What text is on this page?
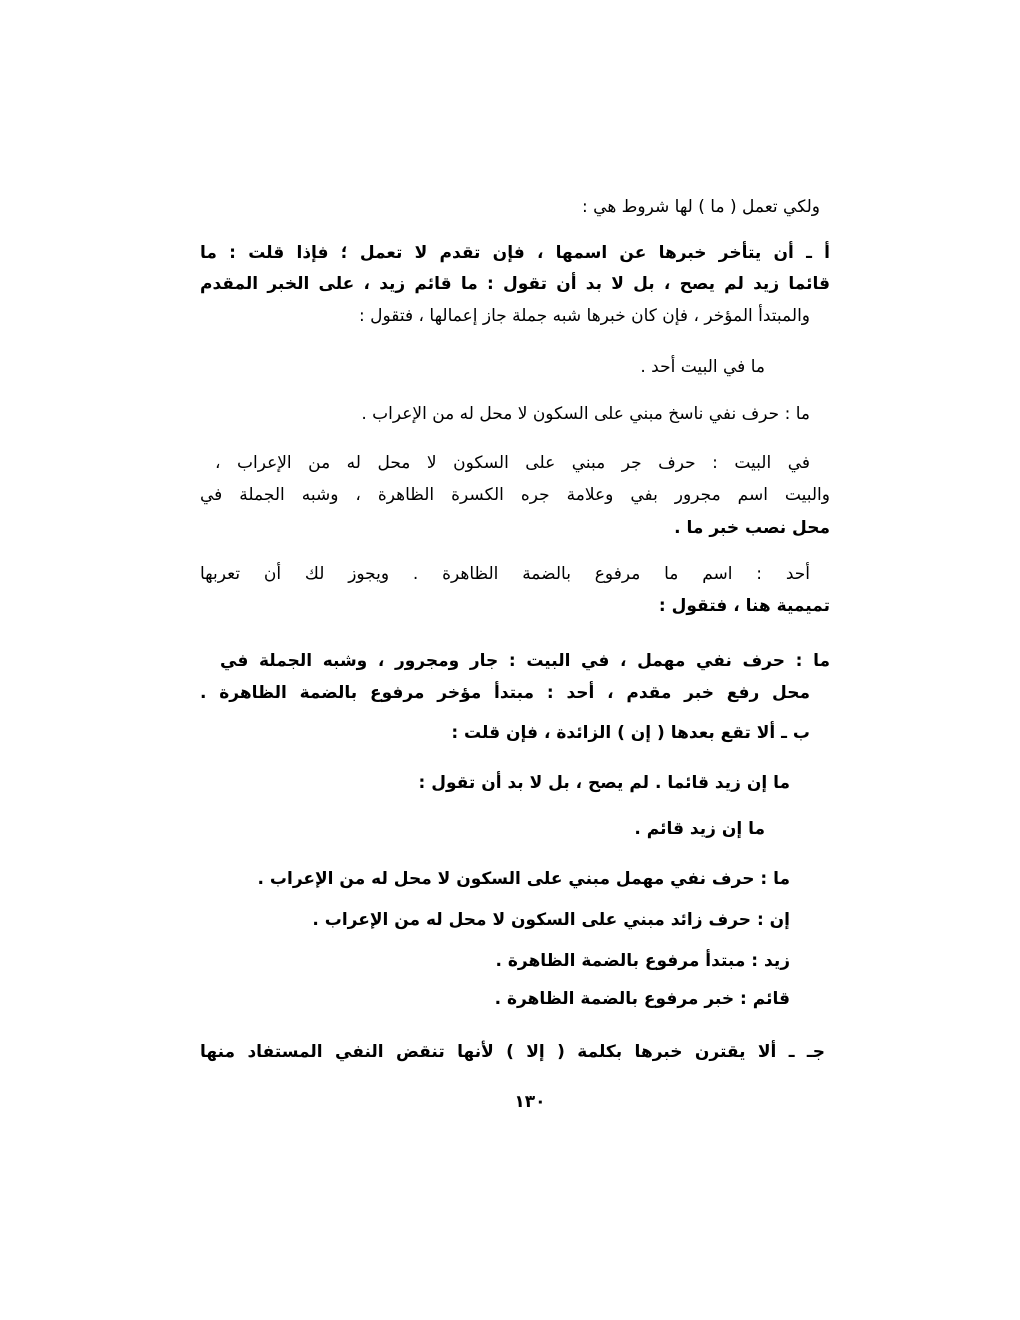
ولكي تعمل ( ما ) لها شروط هي :
أ ـ أن يتأخر خبرها عن اسمها ، فإن تقدم لا تعمل ؛ فإذا قلت : ما
قائما زيد لم يصح ، بل لا بد أن تقول : ما قائم زيد ، على الخبر المقدم
والمبتدأ المؤخر ، فإن كان خبرها شبه جملة جاز إعمالها ، فتقول :
ما في البيت أحد .
ما : حرف نفي ناسخ مبني على السكون لا محل له من الإعراب .
في البيت : حرف جر مبني على السكون لا محل له من الإعراب ،
والبيت اسم مجرور بفي وعلامة جره الكسرة الظاهرة ، وشبه الجملة في
محل نصب خبر ما .
أحد : اسم ما مرفوع بالضمة الظاهرة . ويجوز لك أن تعربها
تميمية هنا ، فتقول :
ما : حرف نفي مهمل ، في البيت : جار ومجرور ، وشبه الجملة في
محل رفع خبر مقدم ، أحد : مبتدأ مؤخر مرفوع بالضمة الظاهرة .
ب ـ ألا تقع بعدها ( إن ) الزائدة ، فإن قلت :
ما إن زيد قائما . لم يصح ، بل لا بد أن تقول :
ما إن زيد قائم .
ما : حرف نفي مهمل مبني على السكون لا محل له من الإعراب .
إن : حرف زائد مبني على السكون لا محل له من الإعراب .
زيد : مبتدأ مرفوع بالضمة الظاهرة .
قائم : خبر مرفوع بالضمة الظاهرة .
جـ ـ ألا يقترن خبرها بكلمة ( إلا ) لأنها تنقض النفي المستفاد منها
١٣٠
